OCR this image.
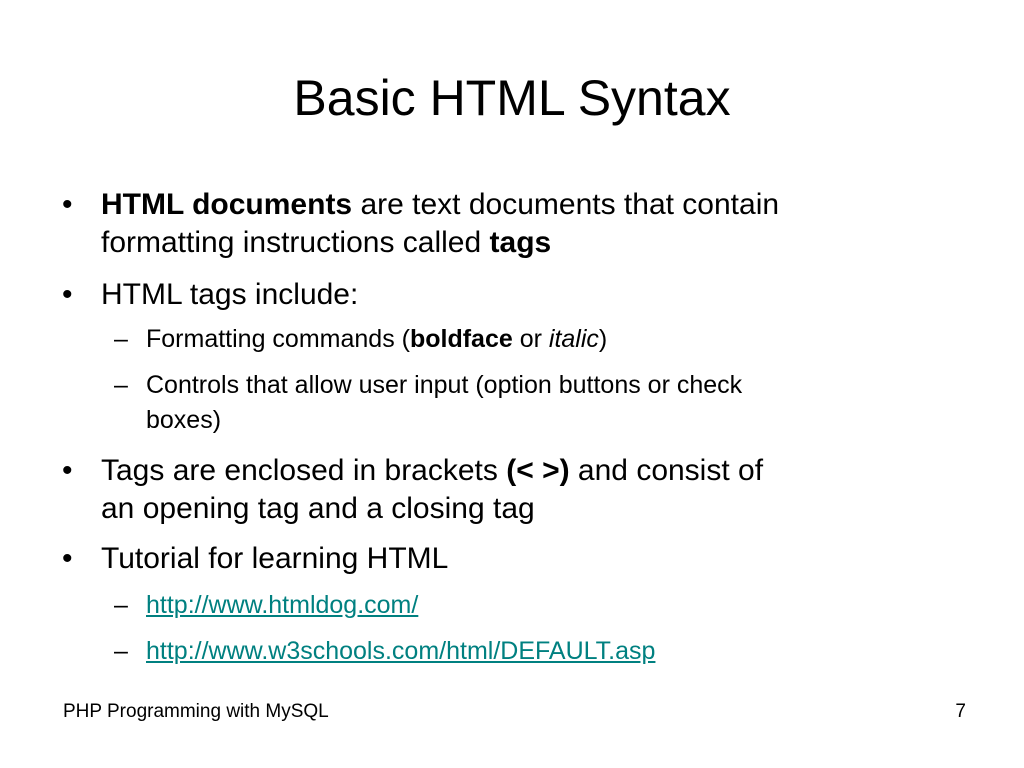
Basic HTML Syntax
• HTML documents are text documents that contain
formatting instructions called tags
• HTML tags include:
– Formatting commands (boldface or italic)
– Controls that allow user input (option buttons or check
boxes)
• Tags are enclosed in brackets (< >) and consist of
an opening tag and a closing tag
• Tutorial for learning HTML
– http://www.htmldog.com/
– http://www.w3schools.com/html/DEFAULT.asp
PHP Programming with MySQL	7
